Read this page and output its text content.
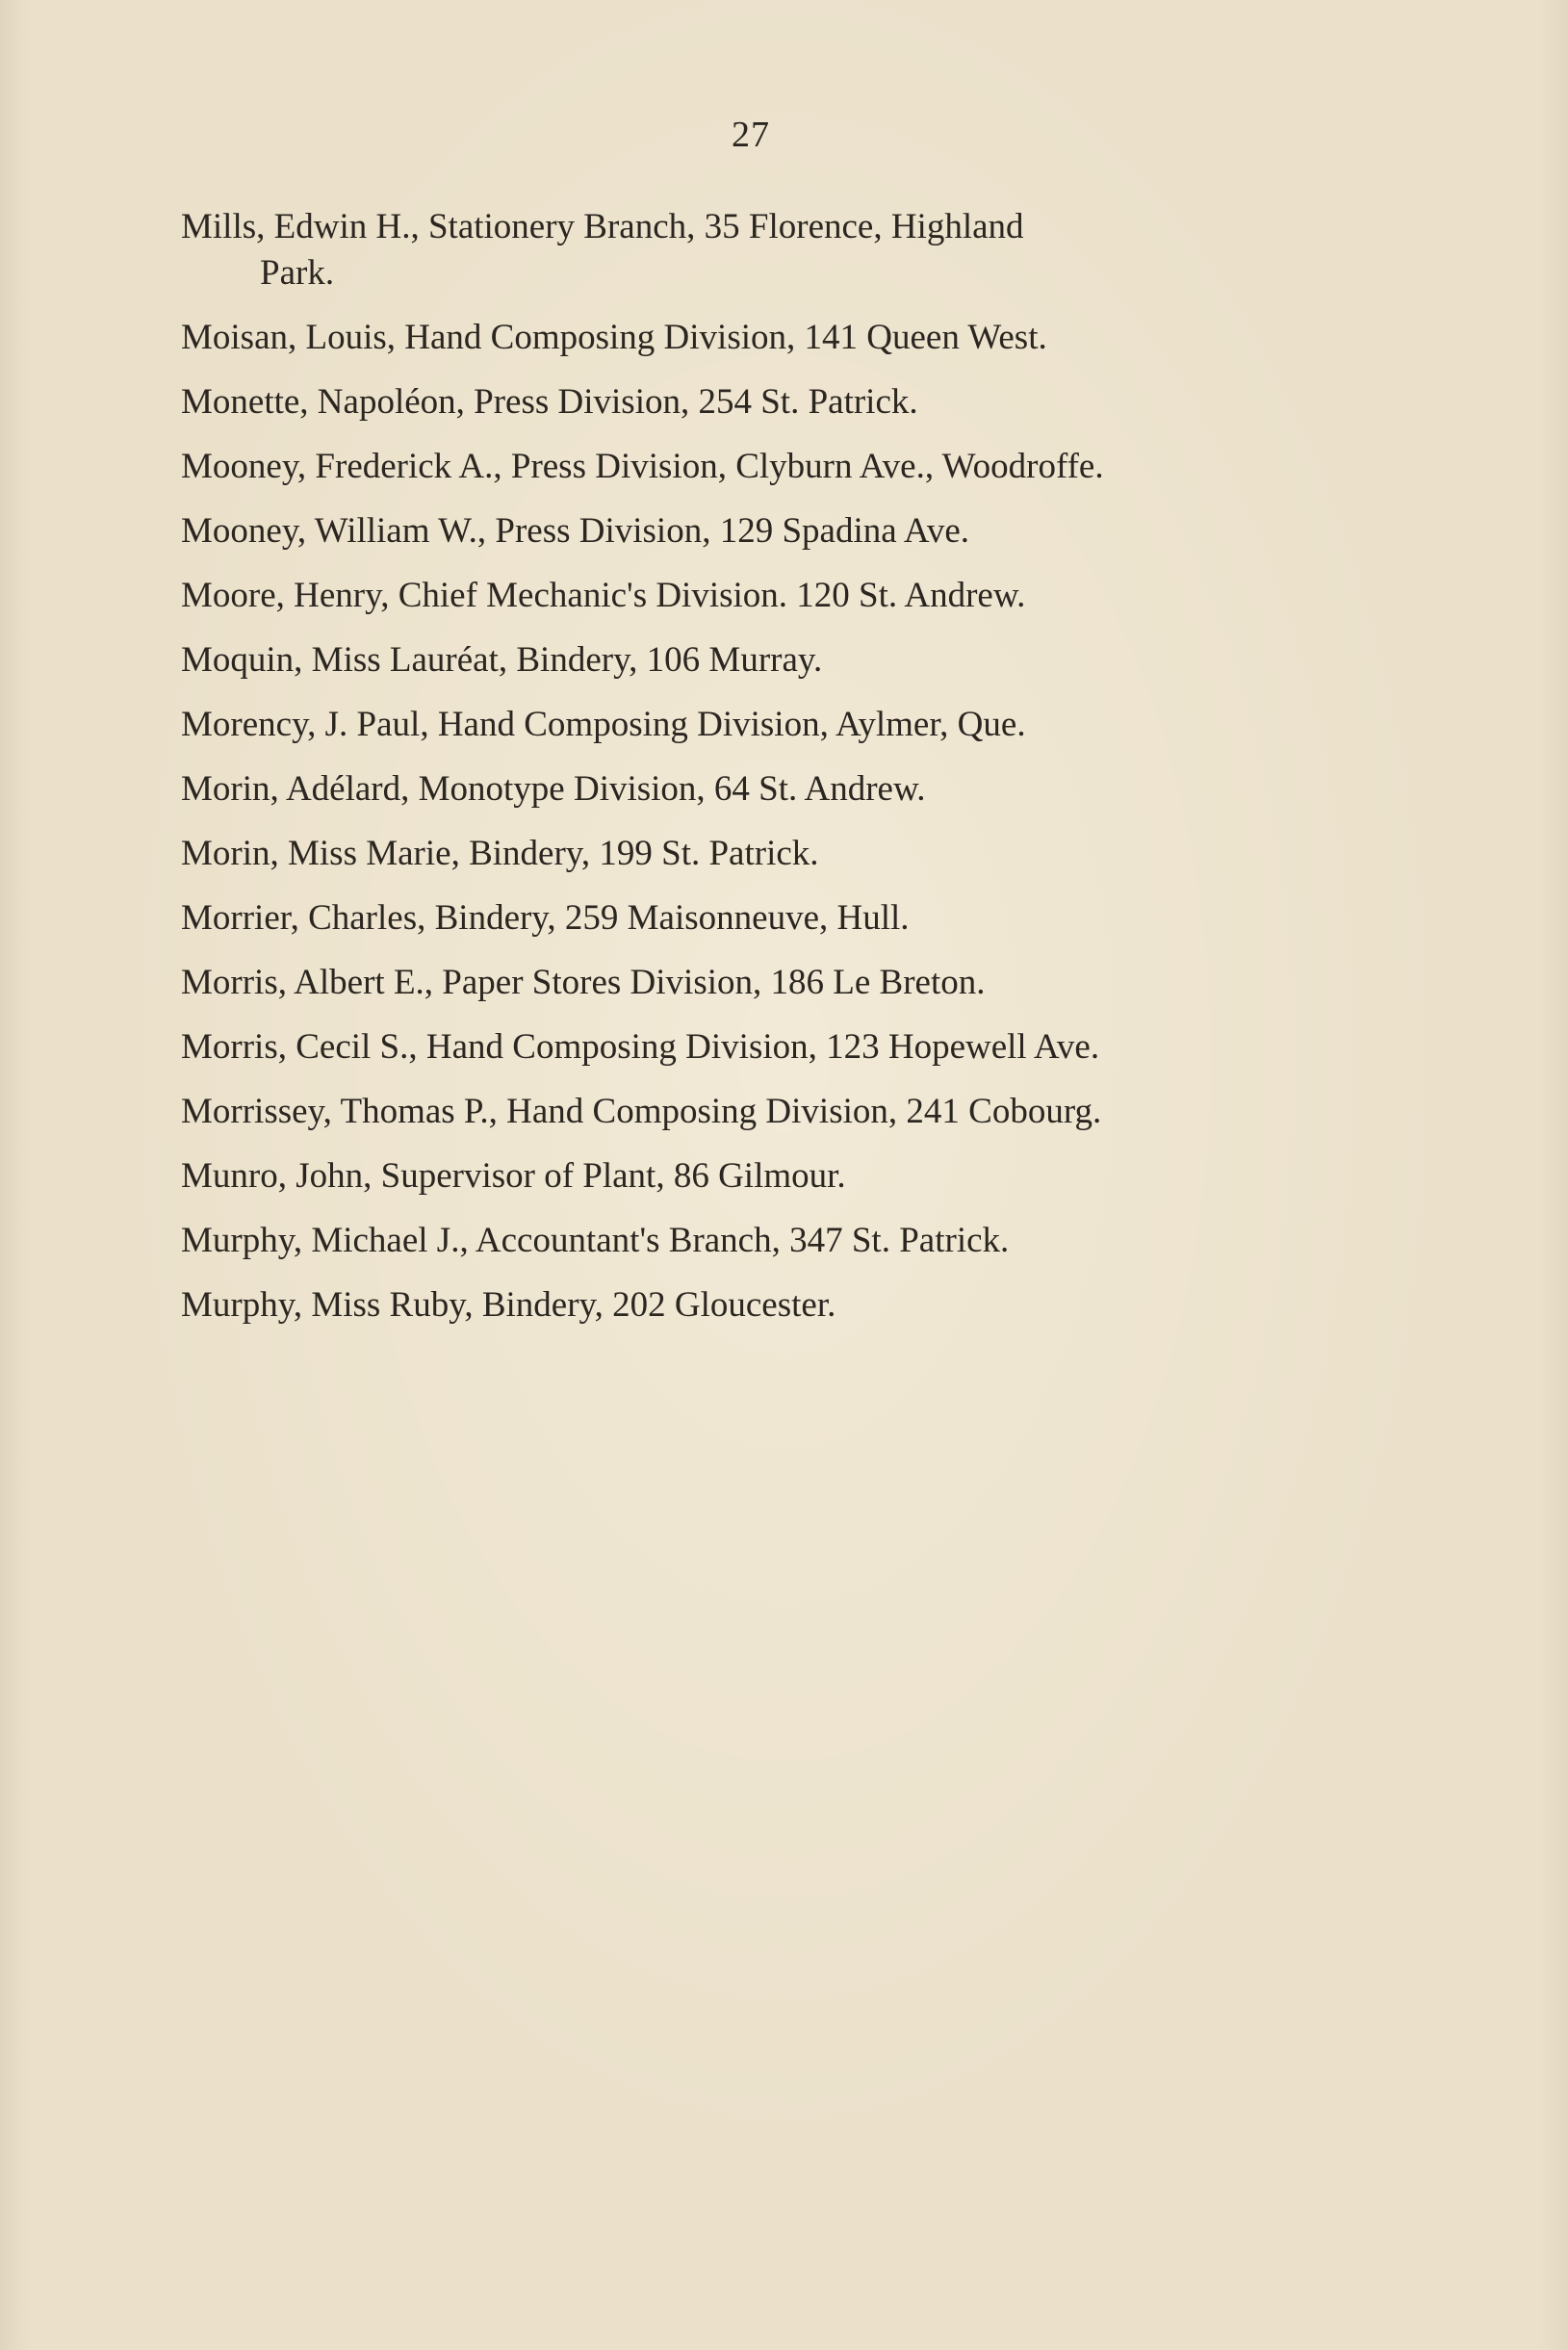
27
Mills, Edwin H., Stationery Branch, 35 Florence, Highland
Park.
Moisan, Louis, Hand Composing Division, 141 Queen West.
Monette, Napoléon, Press Division, 254 St. Patrick.
Mooney, Frederick A., Press Division, Clyburn Ave., Woodroffe.
Mooney, William W., Press Division, 129 Spadina Ave.
Moore, Henry, Chief Mechanic's Division. 120 St. Andrew.
Moquin, Miss Lauréat, Bindery, 106 Murray.
Morency, J. Paul, Hand Composing Division, Aylmer, Que.
Morin, Adélard, Monotype Division, 64 St. Andrew.
Morin, Miss Marie, Bindery, 199 St. Patrick.
Morrier, Charles, Bindery, 259 Maisonneuve, Hull.
Morris, Albert E., Paper Stores Division, 186 Le Breton.
Morris, Cecil S., Hand Composing Division, 123 Hopewell Ave.
Morrissey, Thomas P., Hand Composing Division, 241 Cobourg.
Munro, John, Supervisor of Plant, 86 Gilmour.
Murphy, Michael J., Accountant's Branch, 347 St. Patrick.
Murphy, Miss Ruby, Bindery, 202 Gloucester.
